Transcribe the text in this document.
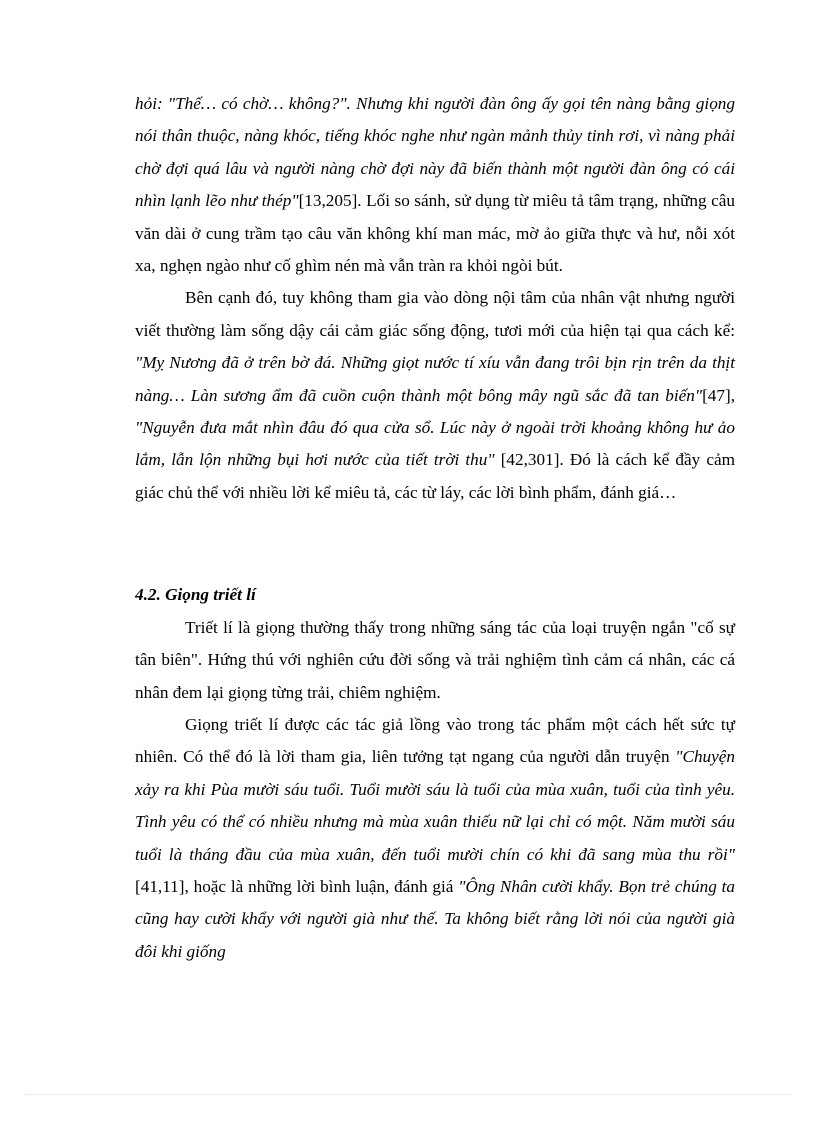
hỏi: "Thế… có chờ… không?". Nhưng khi người đàn ông ấy gọi tên nàng bằng giọng nói thân thuộc, nàng khóc, tiếng khóc nghe như ngàn mảnh thủy tinh rơi, vì nàng phải chờ đợi quá lâu và người nàng chờ đợi này đã biến thành một người đàn ông có cái nhìn lạnh lẽo như thép"[13,205]. Lối so sánh, sử dụng từ miêu tả tâm trạng, những câu văn dài ở cung trầm tạo câu văn không khí man mác, mờ ảo giữa thực và hư, nỗi xót xa, nghẹn ngào như cố ghìm nén mà vẫn tràn ra khỏi ngòi bút.

Bên cạnh đó, tuy không tham gia vào dòng nội tâm của nhân vật nhưng người viết thường làm sống dậy cái cảm giác sống động, tươi mới của hiện tại qua cách kể: "Mỵ Nương đã ở trên bờ đá. Những giọt nước tí xíu vẫn đang trôi bịn rịn trên da thịt nàng… Làn sương ẩm đã cuồn cuộn thành một bông mây ngũ sắc đã tan biến"[47], "Nguyễn đưa mắt nhìn đâu đó qua cửa sổ. Lúc này ở ngoài trời khoảng không hư ảo lắm, lẫn lộn những bụi hơi nước của tiết trời thu" [42,301]. Đó là cách kể đầy cảm giác chủ thể với nhiều lời kể miêu tả, các từ láy, các lời bình phẩm, đánh giá…

4.2. Giọng triết lí

Triết lí là giọng thường thấy trong những sáng tác của loại truyện ngắn "cố sự tân biên". Hứng thú với nghiên cứu đời sống và trải nghiệm tình cảm cá nhân, các cá nhân đem lại giọng từng trải, chiêm nghiệm.

Giọng triết lí được các tác giả lồng vào trong tác phẩm một cách hết sức tự nhiên. Có thể đó là lời tham gia, liên tưởng tạt ngang của người dẫn truyện "Chuyện xảy ra khi Pùa mười sáu tuổi. Tuổi mười sáu là tuổi của mùa xuân, tuổi của tình yêu. Tình yêu có thể có nhiều nhưng mà mùa xuân thiếu nữ lại chỉ có một. Năm mười sáu tuổi là tháng đầu của mùa xuân, đến tuổi mười chín có khi đã sang mùa thu rồi"[41,11], hoặc là những lời bình luận, đánh giá "Ông Nhân cười khẩy. Bọn trẻ chúng ta cũng hay cười khẩy với người già như thế. Ta không biết rằng lời nói của người già đôi khi giống
